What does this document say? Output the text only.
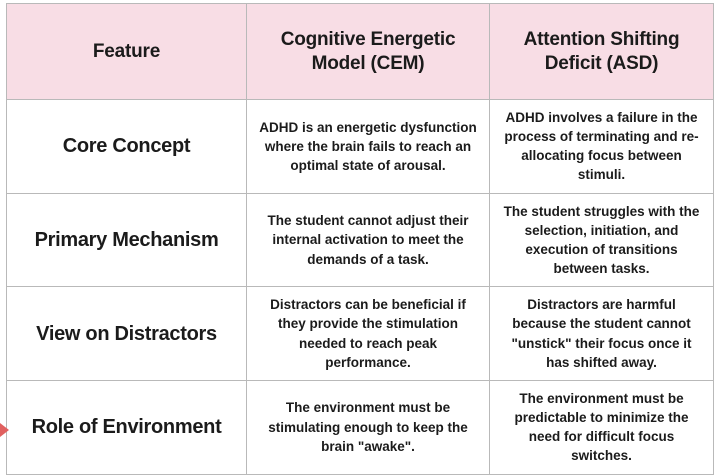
Feature	Cognitive Energetic Model (CEM)	Attention Shifting Deficit (ASD)
Core Concept	ADHD is an energetic dysfunction where the brain fails to reach an optimal state of arousal.	ADHD involves a failure in the process of terminating and re-allocating focus between stimuli.
Primary Mechanism	The student cannot adjust their internal activation to meet the demands of a task.	The student struggles with the selection, initiation, and execution of transitions between tasks.
View on Distractors	Distractors can be beneficial if they provide the stimulation needed to reach peak performance.	Distractors are harmful because the student cannot "unstick" their focus once it has shifted away.
Role of Environment	The environment must be stimulating enough to keep the brain "awake".	The environment must be predictable to minimize the need for difficult focus switches.
